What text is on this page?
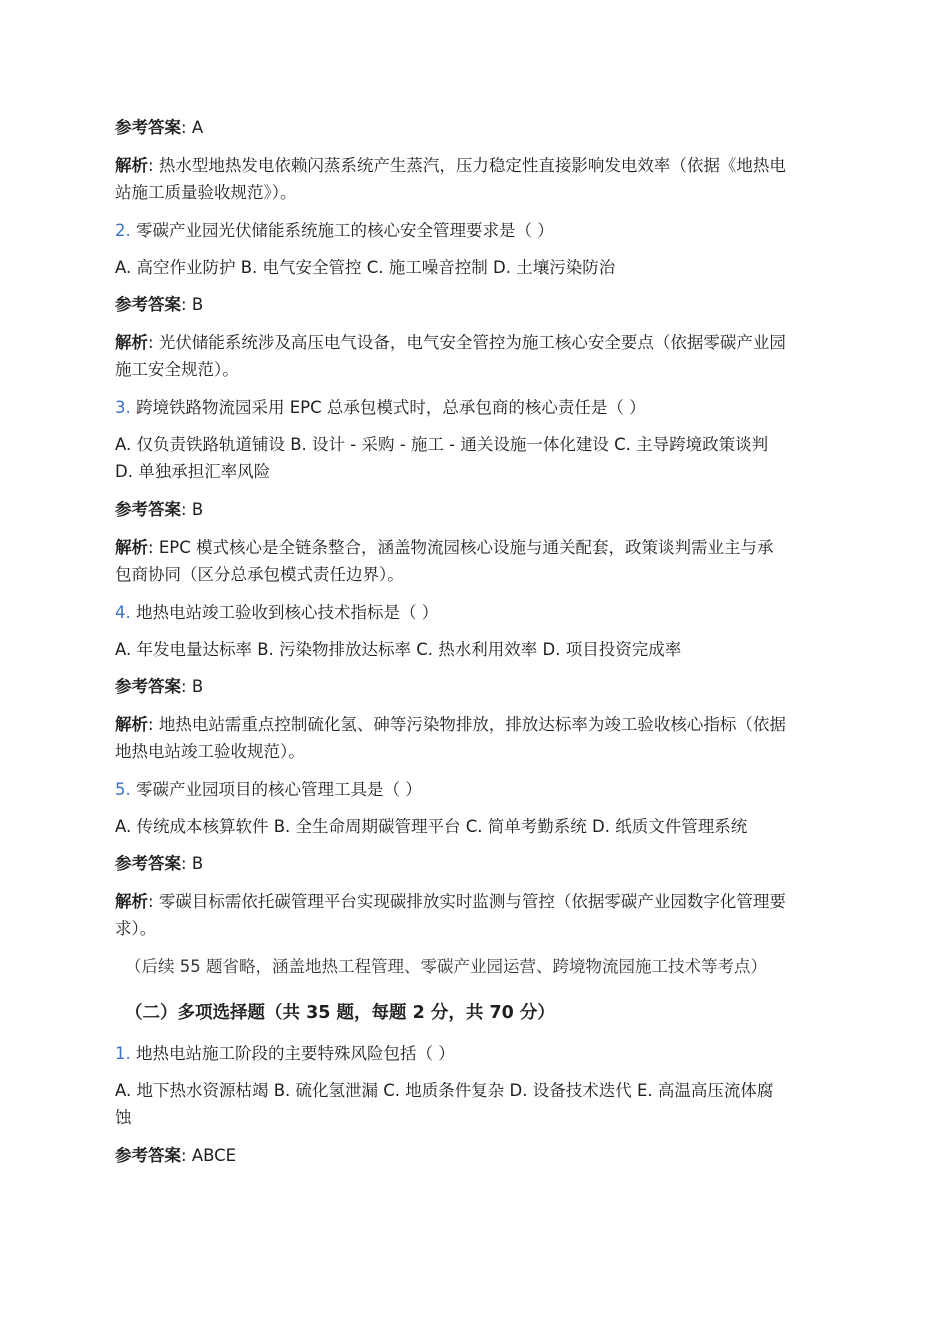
参考答案: A
解析: 热水型地热发电依赖闪蒸系统产生蒸汽，压力稳定性直接影响发电效率（依据《地热电
站施工质量验收规范》）。
2. 零碳产业园光伏储能系统施工的核心安全管理要求是（ ）
A. 高空作业防护 B. 电气安全管控 C. 施工噪音控制 D. 土壤污染防治
参考答案: B
解析: 光伏储能系统涉及高压电气设备，电气安全管控为施工核心安全要点（依据零碳产业园
施工安全规范）。
3. 跨境铁路物流园采用 EPC 总承包模式时，总承包商的核心责任是（ ）
A. 仅负责铁路轨道铺设 B. 设计 - 采购 - 施工 - 通关设施一体化建设 C. 主导跨境政策谈判
D. 单独承担汇率风险
参考答案: B
解析: EPC 模式核心是全链条整合，涵盖物流园核心设施与通关配套，政策谈判需业主与承
包商协同（区分总承包模式责任边界）。
4. 地热电站竣工验收到核心技术指标是（ ）
A. 年发电量达标率 B. 污染物排放达标率 C. 热水利用效率 D. 项目投资完成率
参考答案: B
解析: 地热电站需重点控制硫化氢、砷等污染物排放，排放达标率为竣工验收核心指标（依据
地热电站竣工验收规范）。
5. 零碳产业园项目的核心管理工具是（ ）
A. 传统成本核算软件 B. 全生命周期碳管理平台 C. 简单考勤系统 D. 纸质文件管理系统
参考答案: B
解析: 零碳目标需依托碳管理平台实现碳排放实时监测与管控（依据零碳产业园数字化管理要
求）。
（后续 55 题省略，涵盖地热工程管理、零碳产业园运营、跨境物流园施工技术等考点）
（二）多项选择题（共 35 题，每题 2 分，共 70 分）
1. 地热电站施工阶段的主要特殊风险包括（ ）
A. 地下热水资源枯竭 B. 硫化氢泄漏 C. 地质条件复杂 D. 设备技术迭代 E. 高温高压流体腐
蚀
参考答案: ABCE
